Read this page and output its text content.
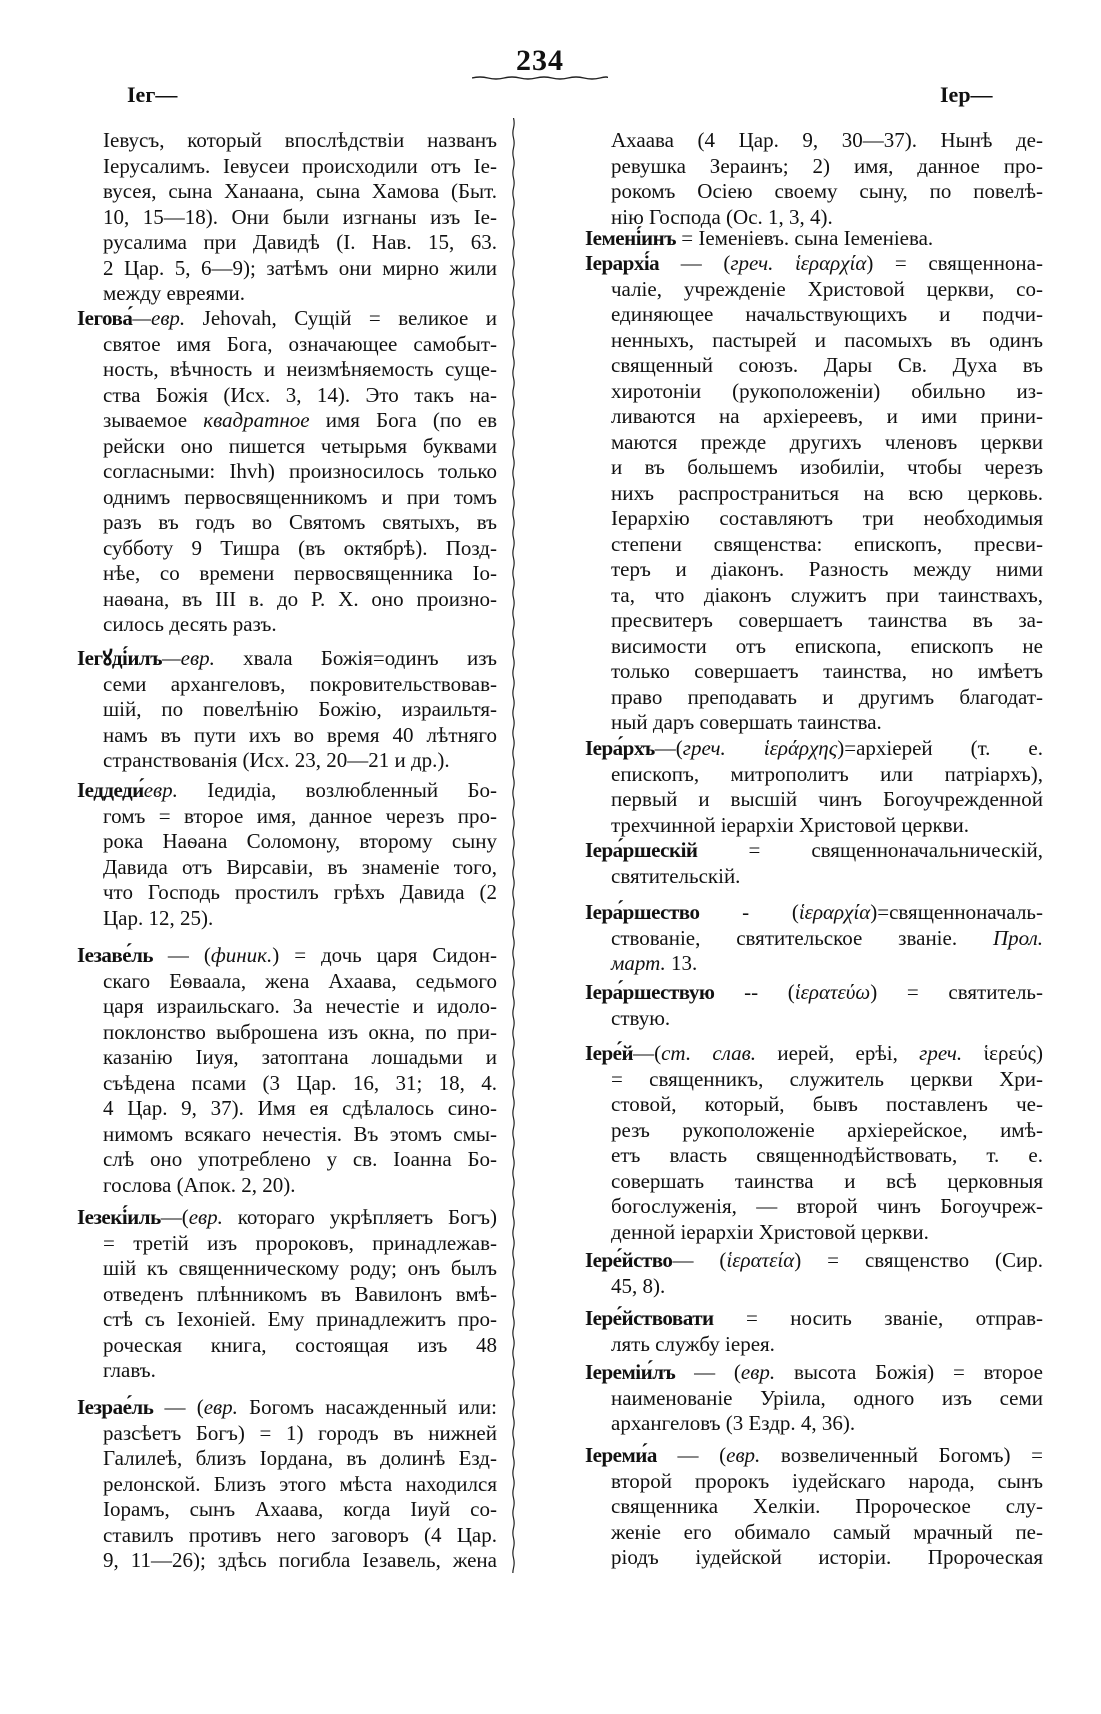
234
Іег—	Іер—
Іевусъ, который впослѣдствіи названъ
Іерусалимъ. Іевусеи происходили отъ Іе-
вусея, сына Ханаана, сына Хамова (Быт.
10, 15—18). Они были изгнаны изъ Іе-
русалима при Давидѣ (І. Нав. 15, 63.
2 Цар. 5, 6—9); затѣмъ они мирно жили
между евреями.
Іегова́—евр. Jehovah, Сущій = великое и
святое имя Бога, означающее самобыт-
ность, вѣчность и неизмѣняемость суще-
ства Божія (Исх. 3, 14). Это такъ на-
зываемое квадратное имя Бога (по ев
рейски оно пишется четырьмя буквами
согласными: Ihvh) произносилось только
однимъ первосвященникомъ и при томъ
разъ въ годъ во Святомъ святыхъ, въ
субботу 9 Тишра (въ октябрѣ). Позд-
нѣе, со времени первосвященника Іо-
наѳана, въ III в. до Р. Х. оно произно-
силось десять разъ.
Іегꙋді́илъ—евр. хвала Божія=одинъ изъ
семи архангеловъ, покровительствовав-
шій, по повелѣнію Божію, израильтя-
намъ въ пути ихъ во время 40 лѣтняго
странствованія (Исх. 23, 20—21 и др.).
Іеддеди́евр. Іедидіа, возлюбленный Бо-
гомъ = второе имя, данное черезъ про-
рока Наѳана Соломону, второму сыну
Давида отъ Вирсавіи, въ знаменіе того,
что Господь простилъ грѣхъ Давида (2
Цар. 12, 25).
Іезаве́ль — (финик.) = дочь царя Сидон-
скаго Еѳваала, жена Ахаава, седьмого
царя израильскаго. За нечестіе и идоло-
поклонство выброшена изъ окна, по при-
казанію Іиуя, затоптана лошадьми и
съѣдена псами (3 Цар. 16, 31; 18, 4.
4 Цар. 9, 37). Имя ея сдѣлалось сино-
нимомъ всякаго нечестія. Въ этомъ смы-
слѣ оно употреблено у св. Іоанна Бо-
гослова (Апок. 2, 20).
Іезекі́иль—(евр. котораго укрѣпляетъ Богъ)
= третій изъ пророковъ, принадлежав-
шій къ священническому роду; онъ былъ
отведенъ плѣнникомъ въ Вавилонъ вмѣ-
стѣ съ Іехоніей. Ему принадлежитъ про-
роческая книга, состоящая изъ 48
главъ.
Іезрае́ль — (евр. Богомъ насажденный или:
разсѣетъ Богъ) = 1) городъ въ нижней
Галилеѣ, близъ Іордана, въ долинѣ Езд-
релонской. Близъ этого мѣста находился
Іорамъ, сынъ Ахаава, когда Іиуй со-
ставилъ противъ него заговоръ (4 Цар.
9, 11—26); здѣсь погибла Іезавель, жена
Ахаава (4 Цар. 9, 30—37). Нынѣ де-
ревушка Зераинъ; 2) имя, данное про-
рокомъ Осіею своему сыну, по повелѣ-
нію Господа (Ос. 1, 3, 4).
Іемені́инъ = Іеменіевъ. сына Іеменіева.
Іерархі́а — (греч. ἱεραρχία) = священнона-
чаліе, учрежденіе Христовой церкви, со-
единяющее начальствующихъ и подчи-
ненныхъ, пастырей и пасомыхъ въ одинъ
священный союзъ. Дары Св. Духа въ
хиротоніи (рукоположеніи) обильно из-
ливаются на архіереевъ, и ими прини-
маются прежде другихъ членовъ церкви
и въ большемъ изобиліи, чтобы черезъ
нихъ распространиться на всю церковь.
Іерархію составляютъ три необходимыя
степени священства: епископъ, пресви-
теръ и діаконъ. Разность между ними
та, что діаконъ служитъ при таинствахъ,
пресвитеръ совершаетъ таинства въ за-
висимости отъ епископа, епископъ не
только совершаетъ таинства, но имѣетъ
право преподавать и другимъ благодат-
ный даръ совершать таинства.
Іера́рхъ—(греч. ἱεράρχης)=архіерей (т. е.
епископъ, митрополитъ или патріархъ),
первый и высшій чинъ Богоучрежденной
трехчинной іерархіи Христовой церкви.
Іера́ршескій = священноначальническій,
святительскій.
Іера́ршество - (ἱεραρχία)=священноначаль-
ствованіе, святительское званіе. Прол.
март. 13.
Іера́ршествую -- (ἱερατεύω) = святитель-
ствую.
Іере́й—(ст. слав. иерей, ерѣі, греч. ἱερεύς)
= священникъ, служитель церкви Хри-
стовой, который, бывъ поставленъ че-
резъ рукоположеніе архіерейское, имѣ-
етъ власть священнодѣйствовать, т. е.
совершать таинства и всѣ церковныя
богослуженія, — второй чинъ Богоучреж-
денной іерархіи Христовой церкви.
Іере́йство— (ἱερατεία) = священство (Сир.
45, 8).
Іере́йствовати = носить званіе, отправ-
лять службу іерея.
Іереміи́лъ — (евр. высота Божія) = второе
наименованіе Уріила, одного изъ семи
архангеловъ (3 Ездр. 4, 36).
Іереми́а — (евр. возвеличенный Богомъ) =
второй пророкъ іудейскаго народа, сынъ
священника Хелкіи. Пророческое слу-
женіе его обимало самый мрачный пе-
ріодъ іудейской исторіи. Пророческая
